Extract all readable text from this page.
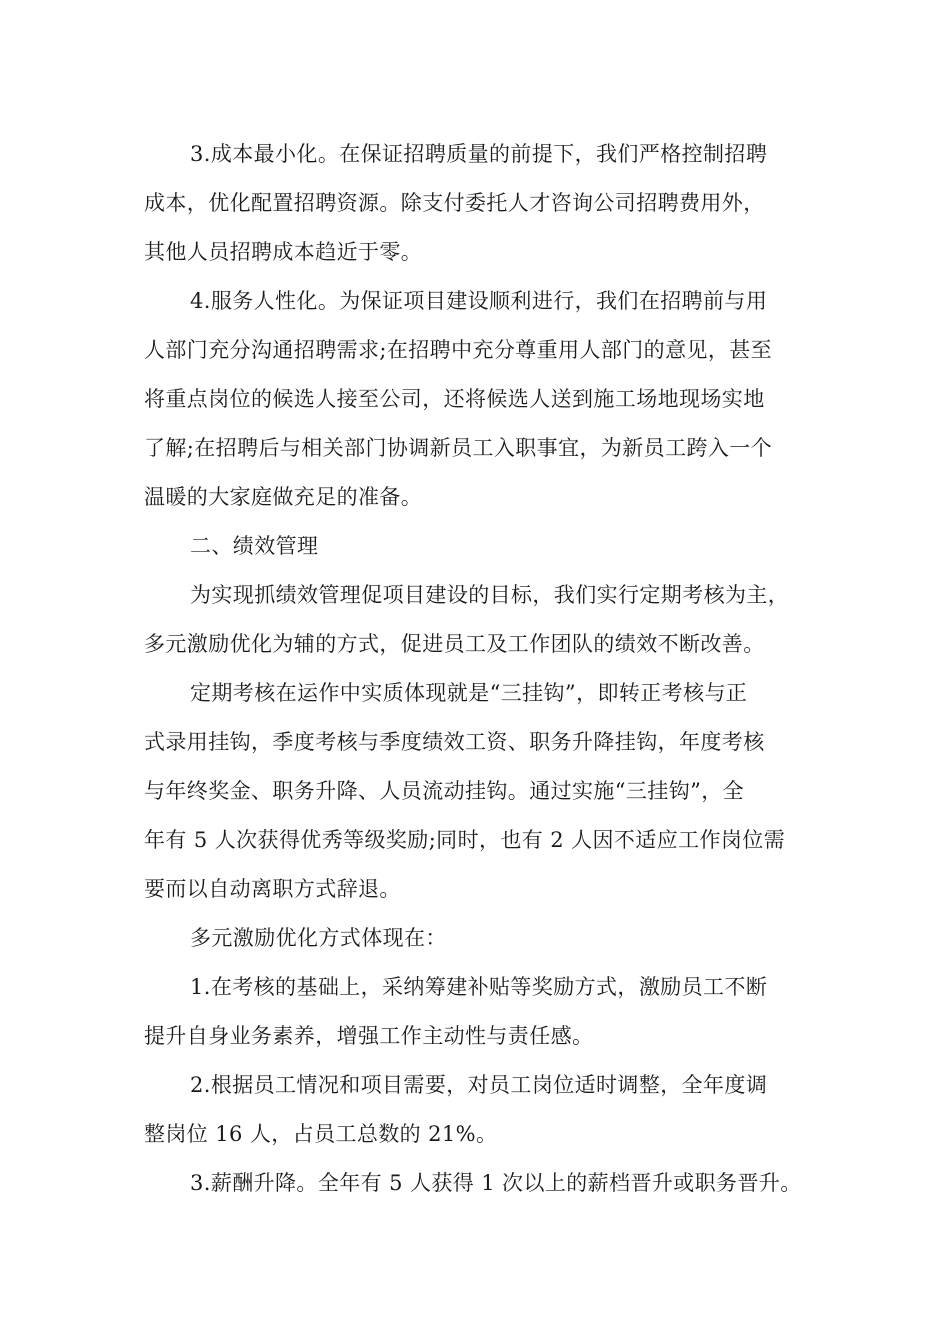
3.成本最小化。在保证招聘质量的前提下，我们严格控制招聘
成本，优化配置招聘资源。除支付委托人才咨询公司招聘费用外，
其他人员招聘成本趋近于零。

4.服务人性化。为保证项目建设顺利进行，我们在招聘前与用
人部门充分沟通招聘需求;在招聘中充分尊重用人部门的意见，甚至
将重点岗位的候选人接至公司，还将候选人送到施工场地现场实地
了解;在招聘后与相关部门协调新员工入职事宜，为新员工跨入一个
温暖的大家庭做充足的准备。

二、绩效管理

为实现抓绩效管理促项目建设的目标，我们实行定期考核为主，
多元激励优化为辅的方式，促进员工及工作团队的绩效不断改善。

定期考核在运作中实质体现就是“三挂钩”，即转正考核与正
式录用挂钩，季度考核与季度绩效工资、职务升降挂钩，年度考核
与年终奖金、职务升降、人员流动挂钩。通过实施“三挂钩”，全
年有 5 人次获得优秀等级奖励;同时，也有 2 人因不适应工作岗位需
要而以自动离职方式辞退。

多元激励优化方式体现在：

1.在考核的基础上，采纳筹建补贴等奖励方式，激励员工不断
提升自身业务素养，增强工作主动性与责任感。

2.根据员工情况和项目需要，对员工岗位适时调整，全年度调
整岗位 16 人，占员工总数的 21%。

3.薪酬升降。全年有 5 人获得 1 次以上的薪档晋升或职务晋升。
